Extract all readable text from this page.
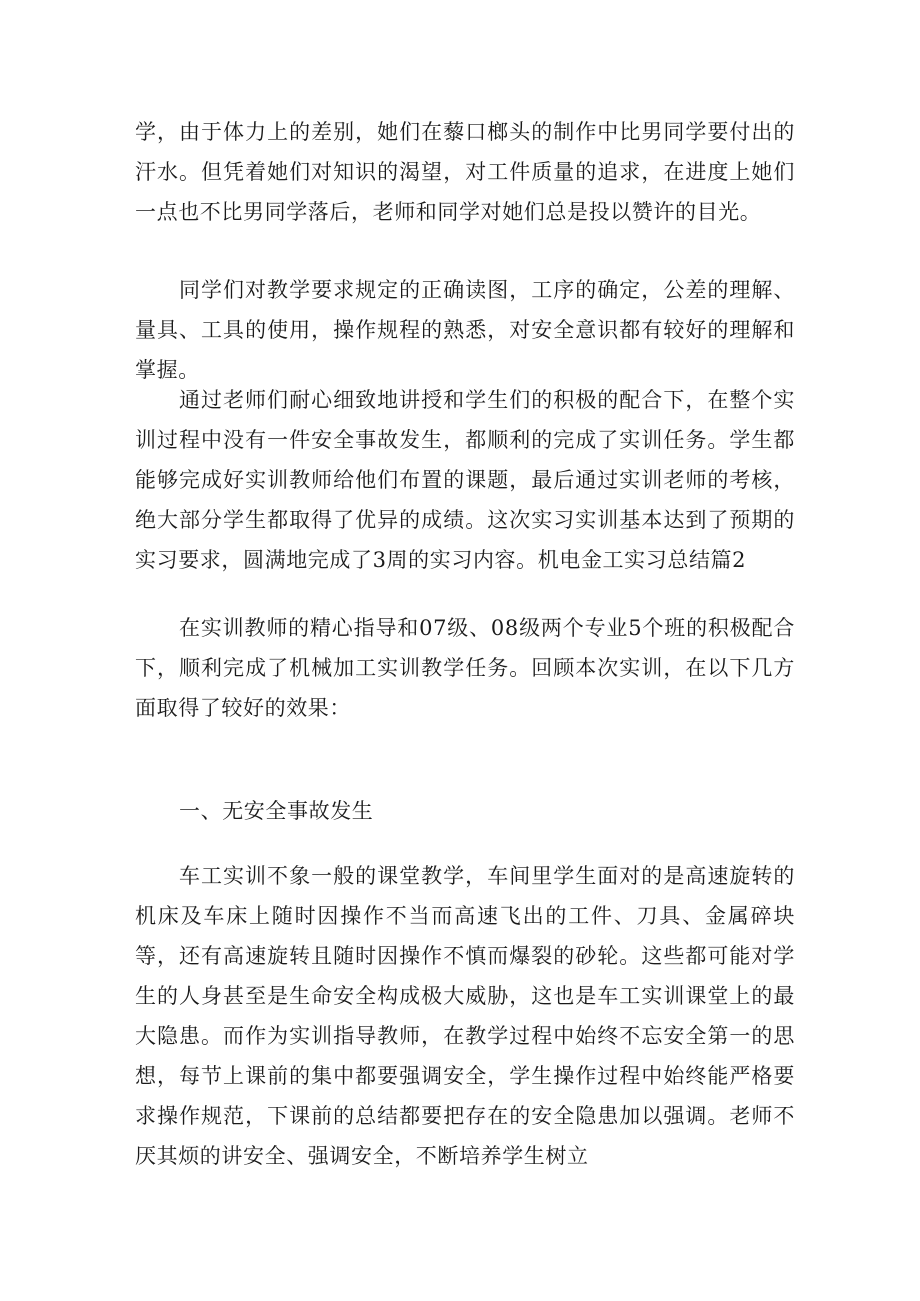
学，由于体力上的差别，她们在藜口榔头的制作中比男同学要付出的汗水。但凭着她们对知识的渴望，对工件质量的追求，在进度上她们一点也不比男同学落后，老师和同学对她们总是投以赞许的目光。

同学们对教学要求规定的正确读图，工序的确定，公差的理解、量具、工具的使用，操作规程的熟悉，对安全意识都有较好的理解和掌握。

通过老师们耐心细致地讲授和学生们的积极的配合下，在整个实训过程中没有一件安全事故发生，都顺利的完成了实训任务。学生都能够完成好实训教师给他们布置的课题，最后通过实训老师的考核，绝大部分学生都取得了优异的成绩。这次实习实训基本达到了预期的实习要求，圆满地完成了3周的实习内容。机电金工实习总结篇2

在实训教师的精心指导和07级、08级两个专业5个班的积极配合下，顺利完成了机械加工实训教学任务。回顾本次实训，在以下几方面取得了较好的效果：

一、无安全事故发生

车工实训不象一般的课堂教学，车间里学生面对的是高速旋转的机床及车床上随时因操作不当而高速飞出的工件、刀具、金属碎块等，还有高速旋转且随时因操作不慎而爆裂的砂轮。这些都可能对学生的人身甚至是生命安全构成极大威胁，这也是车工实训课堂上的最大隐患。而作为实训指导教师，在教学过程中始终不忘安全第一的思想，每节上课前的集中都要强调安全，学生操作过程中始终能严格要求操作规范，下课前的总结都要把存在的安全隐患加以强调。老师不厌其烦的讲安全、强调安全，不断培养学生树立
